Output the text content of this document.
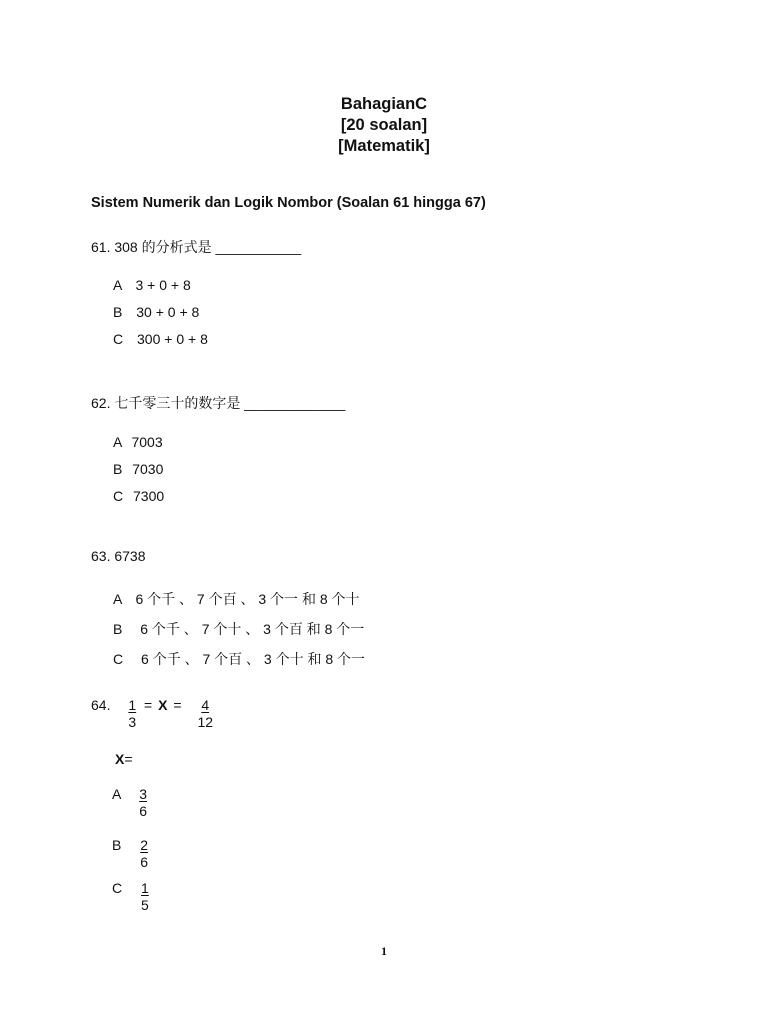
BahagianC
[20 soalan]
[Matematik]
Sistem Numerik dan Logik Nombor (Soalan 61 hingga 67)
61. 308 的分析式是 ___________
A 3 + 0 + 8
B 30 + 0 + 8
C 300 + 0 + 8
62. 七千零三十的数字是 _____________
A 7003
B 7030
C 7300
63. 6738
A 6 个千 、 7 个百 、 3 个一 和 8 个十
B 6 个千 、 7 个十 、 3 个百 和 8 个一
C 6 个千 、 7 个百 、 3 个十 和 8 个一
64. $\frac{1}{3} = X = \frac{4}{12}$
X=
A $\frac{3}{6}$
B $\frac{2}{6}$
C $\frac{1}{5}$
1
